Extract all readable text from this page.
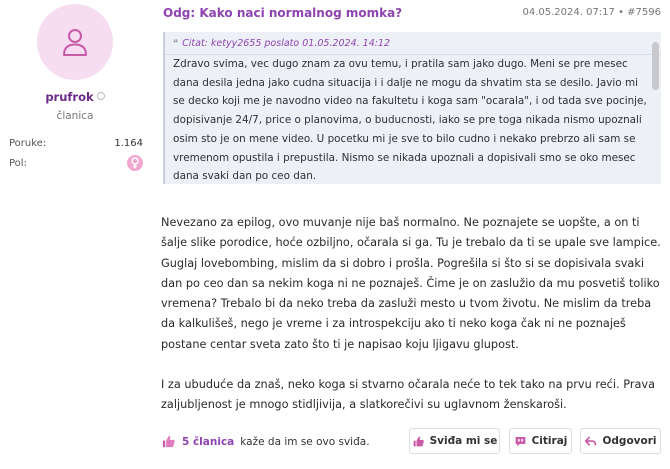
prufrok
članica
Poruke:	1.164
Pol:
Odg: Kako naci normalnog momka?	04.05.2024. 07:17 • #7596
❝ Citat: ketyy2655 poslato 01.05.2024. 14:12
Zdravo svima, vec dugo znam za ovu temu, i pratila sam jako dugo. Meni se pre mesec dana desila jedna jako cudna situacija i i dalje ne mogu da shvatim sta se desilo. Javio mi se decko koji me je navodno video na fakultetu i koga sam "ocarala", i od tada sve pocinje, dopisivanje 24/7, price o planovima, o buducnosti, iako se pre toga nikada nismo upoznali osim sto je on mene video. U pocetku mi je sve to bilo cudno i nekako prebrzo ali sam se vremenom opustila i prepustila. Nismo se nikada upoznali a dopisivali smo se oko mesec dana svaki dan po ceo dan.

Nevezano za epilog, ovo muvanje nije baš normalno. Ne poznajete se uopšte, a on ti šalje slike porodice, hoće ozbiljno, očarala si ga. Tu je trebalo da ti se upale sve lampice. Guglaj lovebombing, mislim da si dobro i prošla. Pogrešila si što si se dopisivala svaki dan po ceo dan sa nekim koga ni ne poznaješ. Čime je on zaslužio da mu posvetiš toliko vremena? Trebalo bi da neko treba da zasluži mesto u tvom životu. Ne mislim da treba da kalkulišeš, nego je vreme i za introspekciju ako ti neko koga čak ni ne poznaješ postane centar sveta zato što ti je napisao koju ljigavu glupost.

I za ubuduće da znaš, neko koga si stvarno očarala neće to tek tako na prvu reći. Prava zaljubljenost je mnogo stidljivija, a slatkorečivi su uglavnom ženskaroši.

5 članica kaže da im se ovo sviđa.	Sviđa mi se	Citiraj	Odgovori
